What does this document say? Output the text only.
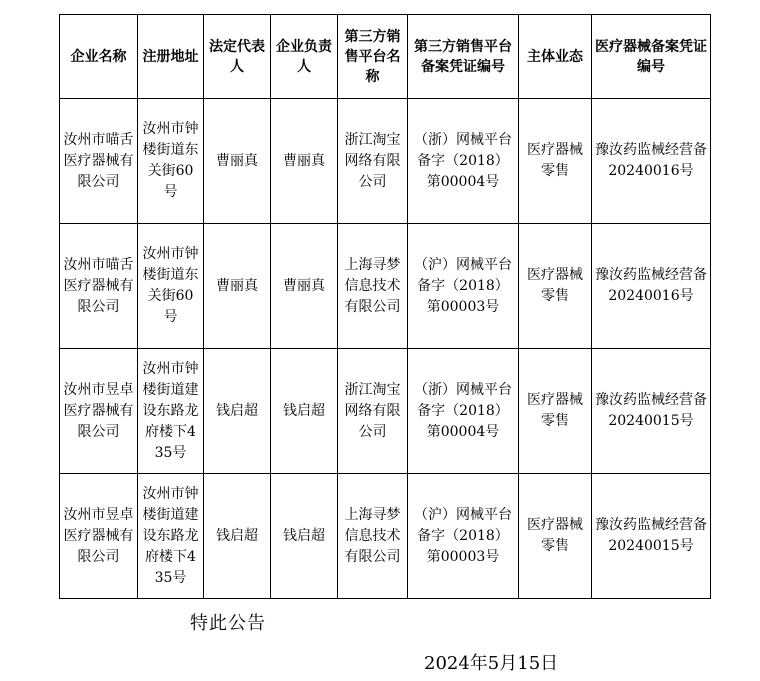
企业名称	注册地址	法定代表人	企业负责人	第三方销售平台名称	第三方销售平台备案凭证编号	主体业态	医疗器械备案凭证编号

汝州市喵舌医疗器械有限公司	汝州市钟楼街道东关街60号	曹丽真	曹丽真	浙江淘宝网络有限公司	（浙）网械平台备字（2018）第00004号	医疗器械零售	豫汝药监械经营备20240016号

汝州市喵舌医疗器械有限公司	汝州市钟楼街道东关街60号	曹丽真	曹丽真	上海寻梦信息技术有限公司	（沪）网械平台备字（2018）第00003号	医疗器械零售	豫汝药监械经营备20240016号

汝州市昱卓医疗器械有限公司	汝州市钟楼街道建设东路龙府楼下435号	钱启超	钱启超	浙江淘宝网络有限公司	（浙）网械平台备字（2018）第00004号	医疗器械零售	豫汝药监械经营备20240015号

汝州市昱卓医疗器械有限公司	汝州市钟楼街道建设东路龙府楼下435号	钱启超	钱启超	上海寻梦信息技术有限公司	（沪）网械平台备字（2018）第00003号	医疗器械零售	豫汝药监械经营备20240015号
特此公告
2024年5月15日
